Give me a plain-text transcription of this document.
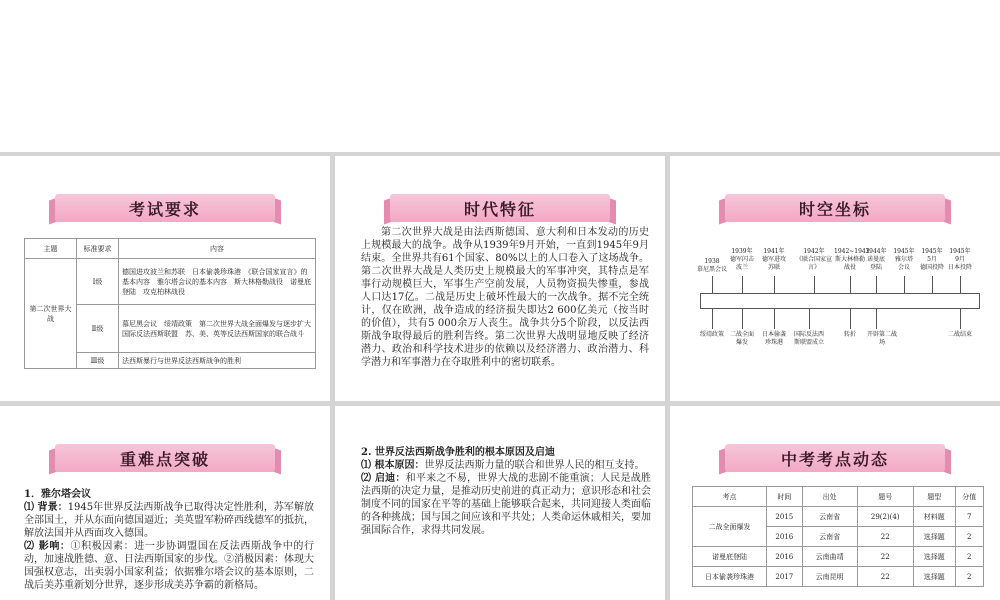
考试要求
主题	标准要求	内容
第二次世界大战	Ⅰ级	德国进攻波兰和苏联　日本偷袭珍珠港　《联合国家宣言》的基本内容　雅尔塔会议的基本内容　斯大林格勒战役　诺曼底登陆　攻克柏林战役
	Ⅱ级	慕尼黑会议　绥靖政策　第二次世界大战全面爆发与逐步扩大　国际反法西斯联盟　苏、美、英等反法西斯国家的联合战斗
	Ⅲ级	法西斯暴行与世界反法西斯战争的胜利
时代特征
第二次世界大战是由法西斯德国、意大利和日本发动的历史上规模最大的战争。战争从1939年9月开始，一直到1945年9月结束。全世界共有61个国家、80%以上的人口卷入了这场战争。第二次世界大战是人类历史上规模最大的军事冲突，其特点是军事行动规模巨大，军事生产空前发展，人员物资损失惨重，参战人口达17亿。二战是历史上破坏性最大的一次战争。据不完全统计，仅在欧洲，战争造成的经济损失即达2 600亿美元（按当时的价值），共有5 000余万人丧生。战争共分5个阶段，以反法西斯战争取得最后的胜利告终。第二次世界大战明显地反映了经济潜力、政治和科学技术进步的依赖以及经济潜力、政治潜力、科学潜力和军事潜力在夺取胜利中的密切联系。
时空坐标
1938
慕尼黑会议
1939年
德军闪击波兰
1941年
德军进攻苏联
1942年
《联合国家宣言》
1942~1943
斯大林格勒战役
1944年
诺曼底登陆
1945年
雅尔塔会议
1945年5月
德国投降
1945年9月
日本投降
绥靖政策	二战全面爆发
日本偷袭珍珠港
国际反法西斯联盟成立
转折	开辟第二战场
二战结束
重难点突破
1．雅尔塔会议
⑴ 背景：1945年世界反法西斯战争已取得决定性胜利，苏军解放全部国土，并从东面向德国逼近；美英盟军粉碎西线德军的抵抗，解放法国并从西面攻入德国。
⑵ 影响：①积极因素：进一步协调盟国在反法西斯战争中的行动，加速战胜德、意、日法西斯国家的步伐。②消极因素：体现大国强权意志，出卖弱小国家利益；依据雅尔塔会议的基本原则，二战后美苏重新划分世界，逐步形成美苏争霸的新格局。
2. 世界反法西斯战争胜利的根本原因及启迪
⑴ 根本原因：世界反法西斯力量的联合和世界人民的相互支持。
⑵ 启迪：和平来之不易，世界大战的悲剧不能重演；人民是战胜法西斯的决定力量，是推动历史前进的真正动力；意识形态和社会制度不同的国家在平等的基础上能够联合起来，共同迎接人类面临的各种挑战；国与国之间应该和平共处；人类命运休戚相关，要加强国际合作，求得共同发展。
中考考点动态
考点	时间	出处	题号	题型	分值
二战全面爆发	2015	云南省	29(2)(4)	材料题	7
	2016	云南省	22	选择题	2
诺曼底登陆	2016	云南曲靖	22	选择题	2
日本偷袭珍珠港	2017	云南昆明	22	选择题	2
